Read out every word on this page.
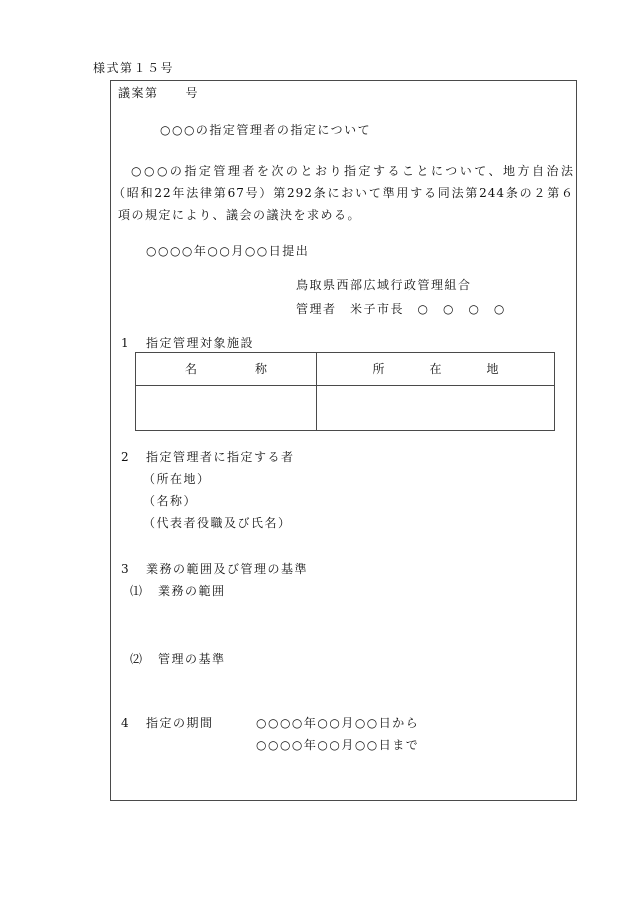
様式第１５号
議案第　　号
○○○の指定管理者の指定について
○○○の指定管理者を次のとおり指定することについて、地方自治法
（昭和22年法律第67号）第292条において準用する同法第244条の２第６
項の規定により、議会の議決を求める。
○○○○年○○月○○日提出
鳥取県西部広域行政管理組合
管理者　米子市長　○　○　○　○
1 指定管理対象施設
名　　　称	所　　在　　地

2 指定管理者に指定する者
（所在地）
（名称）
（代表者役職及び氏名）
3 業務の範囲及び管理の基準
⑴ 業務の範囲
⑵ 管理の基準
4 指定の期間	○○○○年○○月○○日から
○○○○年○○月○○日まで
